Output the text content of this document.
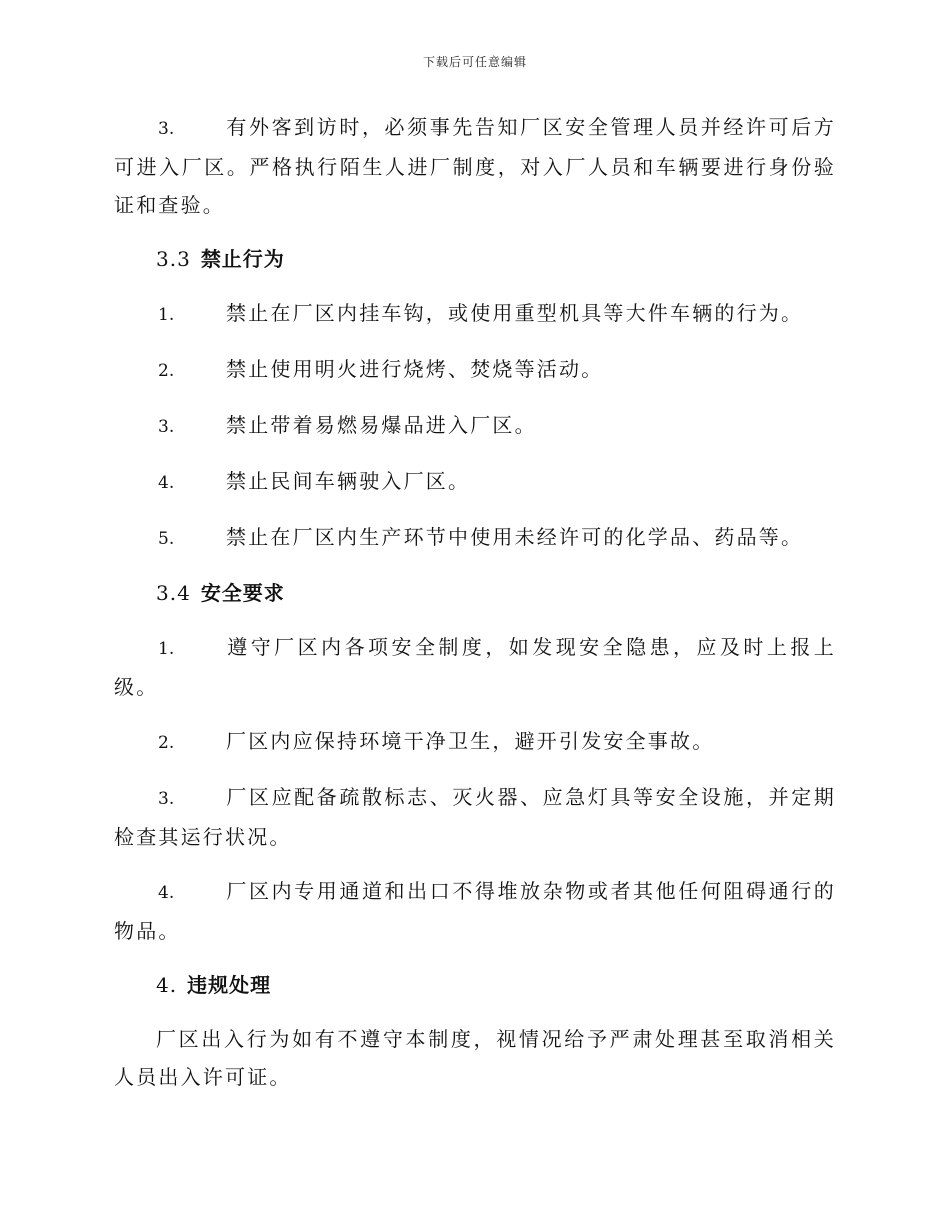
下载后可任意编辑

3.	有外客到访时，必须事先告知厂区安全管理人员并经许可后方可进入厂区。严格执行陌生人进厂制度，对入厂人员和车辆要进行身份验证和查验。

3.3 禁止行为

1.	禁止在厂区内挂车钩，或使用重型机具等大件车辆的行为。

2.	禁止使用明火进行烧烤、焚烧等活动。

3.	禁止带着易燃易爆品进入厂区。

4.	禁止民间车辆驶入厂区。

5.	禁止在厂区内生产环节中使用未经许可的化学品、药品等。

3.4 安全要求

1.	遵守厂区内各项安全制度，如发现安全隐患，应及时上报上级。

2.	厂区内应保持环境干净卫生，避开引发安全事故。

3.	厂区应配备疏散标志、灭火器、应急灯具等安全设施，并定期检查其运行状况。

4.	厂区内专用通道和出口不得堆放杂物或者其他任何阻碍通行的物品。

4. 违规处理

厂区出入行为如有不遵守本制度，视情况给予严肃处理甚至取消相关人员出入许可证。
